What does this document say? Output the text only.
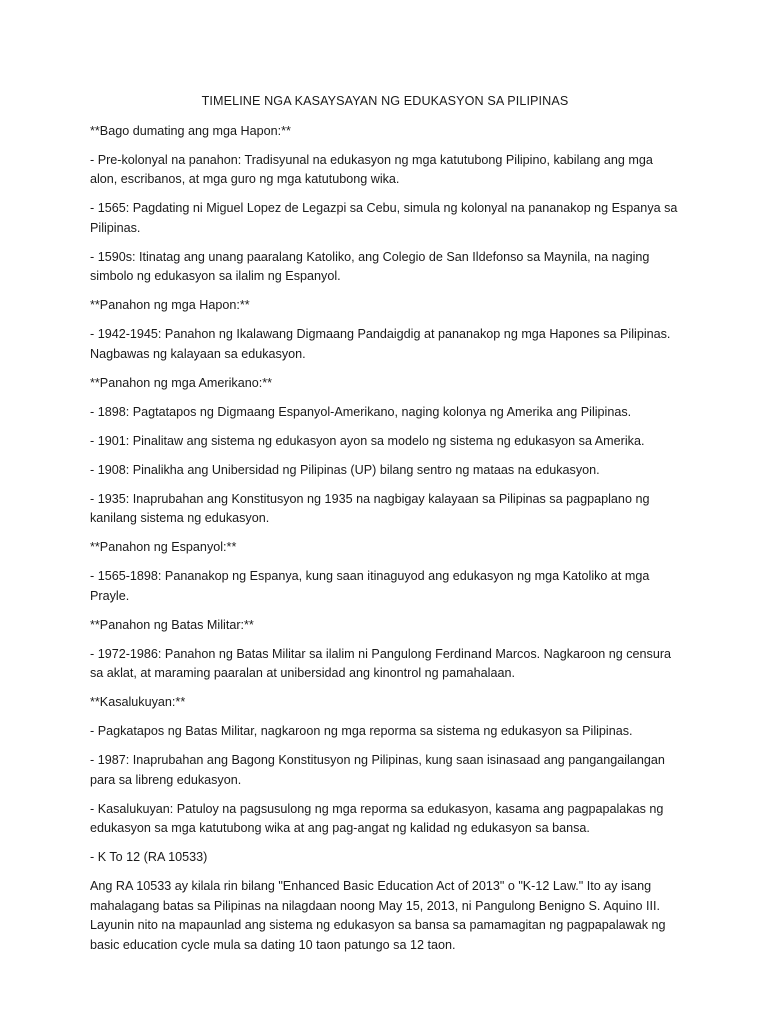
TIMELINE NGA KASAYSAYAN NG EDUKASYON SA PILIPINAS

**Bago dumating ang mga Hapon:**

- Pre-kolonyal na panahon: Tradisyunal na edukasyon ng mga katutubong Pilipino, kabilang ang mga alon, escribanos, at mga guro ng mga katutubong wika.

- 1565: Pagdating ni Miguel Lopez de Legazpi sa Cebu, simula ng kolonyal na pananakop ng Espanya sa Pilipinas.

- 1590s: Itinatag ang unang paaralang Katoliko, ang Colegio de San Ildefonso sa Maynila, na naging simbolo ng edukasyon sa ilalim ng Espanyol.

**Panahon ng mga Hapon:**

- 1942-1945: Panahon ng Ikalawang Digmaang Pandaigdig at pananakop ng mga Hapones sa Pilipinas. Nagbawas ng kalayaan sa edukasyon.

**Panahon ng mga Amerikano:**

- 1898: Pagtatapos ng Digmaang Espanyol-Amerikano, naging kolonya ng Amerika ang Pilipinas.

- 1901: Pinalitaw ang sistema ng edukasyon ayon sa modelo ng sistema ng edukasyon sa Amerika.

- 1908: Pinalikha ang Unibersidad ng Pilipinas (UP) bilang sentro ng mataas na edukasyon.

- 1935: Inaprubahan ang Konstitusyon ng 1935 na nagbigay kalayaan sa Pilipinas sa pagpaplano ng kanilang sistema ng edukasyon.

**Panahon ng Espanyol:**

- 1565-1898: Pananakop ng Espanya, kung saan itinaguyod ang edukasyon ng mga Katoliko at mga Prayle.

**Panahon ng Batas Militar:**

- 1972-1986: Panahon ng Batas Militar sa ilalim ni Pangulong Ferdinand Marcos. Nagkaroon ng censura sa aklat, at maraming paaralan at unibersidad ang kinontrol ng pamahalaan.

**Kasalukuyan:**

- Pagkatapos ng Batas Militar, nagkaroon ng mga reporma sa sistema ng edukasyon sa Pilipinas.

- 1987: Inaprubahan ang Bagong Konstitusyon ng Pilipinas, kung saan isinasaad ang pangangailangan para sa libreng edukasyon.

- Kasalukuyan: Patuloy na pagsusulong ng mga reporma sa edukasyon, kasama ang pagpapalakas ng edukasyon sa mga katutubong wika at ang pag-angat ng kalidad ng edukasyon sa bansa.

- K To 12 (RA 10533)

Ang RA 10533 ay kilala rin bilang "Enhanced Basic Education Act of 2013" o "K-12 Law." Ito ay isang mahalagang batas sa Pilipinas na nilagdaan noong May 15, 2013, ni Pangulong Benigno S. Aquino III. Layunin nito na mapaunlad ang sistema ng edukasyon sa bansa sa pamamagitan ng pagpapalawak ng basic education cycle mula sa dating 10 taon patungo sa 12 taon.
